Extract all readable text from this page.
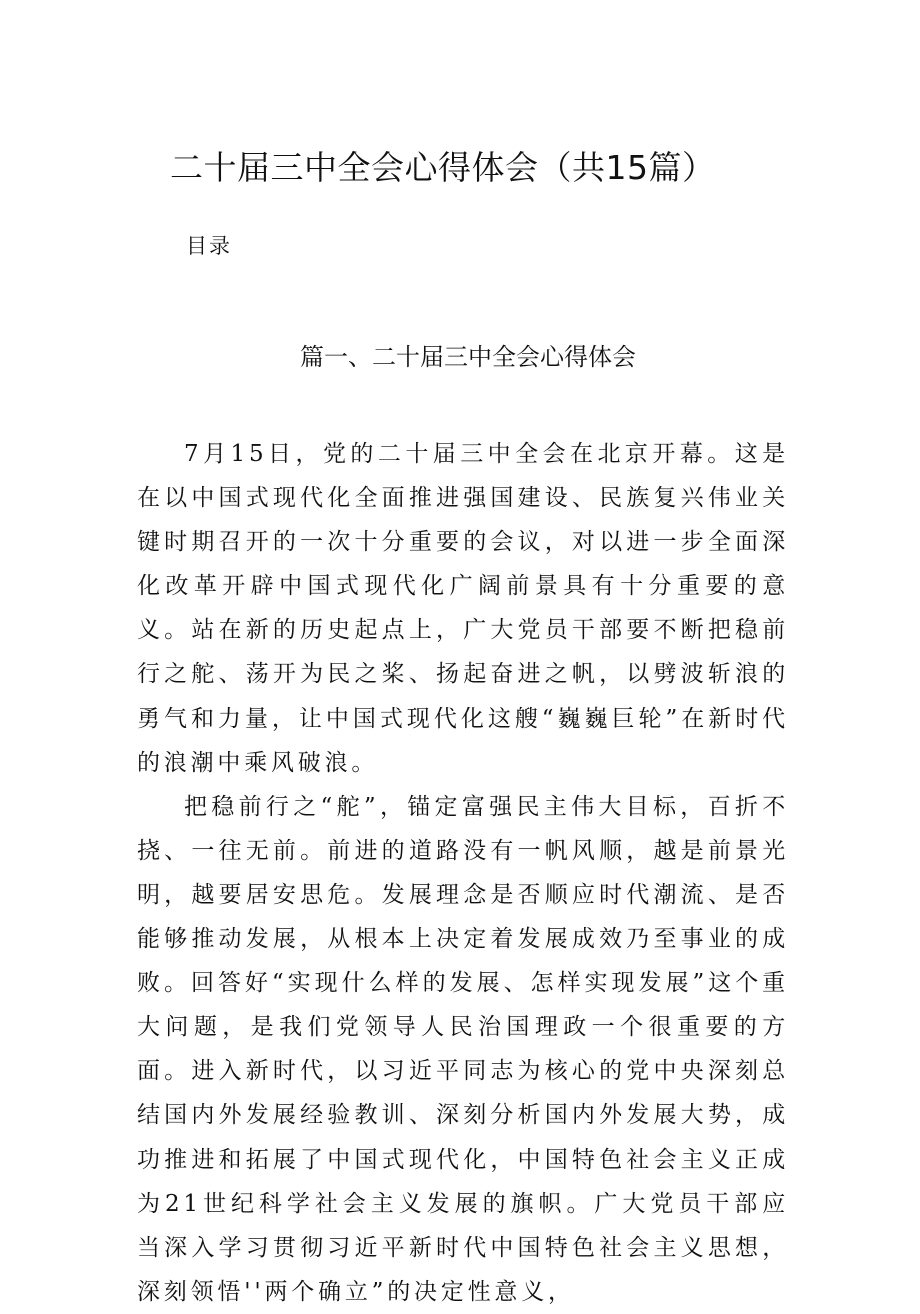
二十届三中全会心得体会（共15篇）
目录
篇一、二十届三中全会心得体会

7月15日，党的二十届三中全会在北京开幕。这是在以中国式现代化全面推进强国建设、民族复兴伟业关键时期召开的一次十分重要的会议，对以进一步全面深化改革开辟中国式现代化广阔前景具有十分重要的意义。站在新的历史起点上，广大党员干部要不断把稳前行之舵、荡开为民之桨、扬起奋进之帆，以劈波斩浪的勇气和力量，让中国式现代化这艘“巍巍巨轮”在新时代的浪潮中乘风破浪。

把稳前行之“舵”，锚定富强民主伟大目标，百折不挠、一往无前。前进的道路没有一帆风顺，越是前景光明，越要居安思危。发展理念是否顺应时代潮流、是否能够推动发展，从根本上决定着发展成效乃至事业的成败。回答好“实现什么样的发展、怎样实现发展”这个重大问题，是我们党领导人民治国理政一个很重要的方面。进入新时代，以习近平同志为核心的党中央深刻总结国内外发展经验教训、深刻分析国内外发展大势，成功推进和拓展了中国式现代化，中国特色社会主义正成为21世纪科学社会主义发展的旗帜。广大党员干部应当深入学习贯彻习近平新时代中国特色社会主义思想，深刻领悟''两个确立”的决定性意义，
